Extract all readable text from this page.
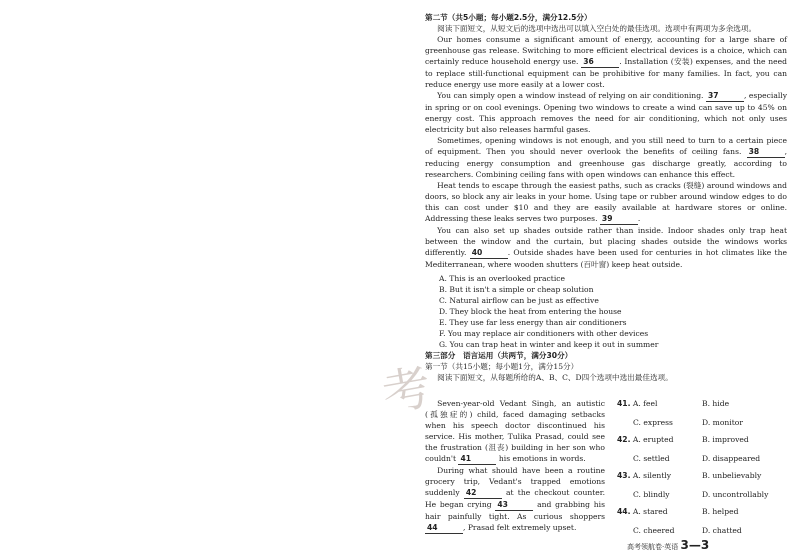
考
第二节（共5小题；每小题2.5分，满分12.5分）

阅读下面短文，从短文后的选项中选出可以填入空白处的最佳选项。选项中有两项为多余选项。

Our homes consume a significant amount of energy, accounting for a large share of greenhouse gas release. Switching to more efficient electrical devices is a choice, which can certainly reduce household energy use. 36	. Installation (安装) expenses, and the need to replace still-functional equipment can be prohibitive for many families. In fact, you can reduce energy use more easily at a lower cost.

You can simply open a window instead of relying on air conditioning. 37	, especially in spring or on cool evenings. Opening two windows to create a wind can save up to 45% on energy cost. This approach removes the need for air conditioning, which not only uses electricity but also releases harmful gases.

Sometimes, opening windows is not enough, and you still need to turn to a certain piece of equipment. Then you should never overlook the benefits of ceiling fans. 38	, reducing energy consumption and greenhouse gas discharge greatly, according to researchers. Combining ceiling fans with open windows can enhance this effect.

Heat tends to escape through the easiest paths, such as cracks (裂缝) around windows and doors, so block any air leaks in your home. Using tape or rubber around window edges to do this can cost under $10 and they are easily available at hardware stores or online. Addressing these leaks serves two purposes. 39	.

You can also set up shades outside rather than inside. Indoor shades only trap heat between the window and the curtain, but placing shades outside the windows works differently. 40	. Outside shades have been used for centuries in hot climates like the Mediterranean, where wooden shutters (百叶窗) keep heat outside.

A. This is an overlooked practice
B. But it isn't a simple or cheap solution
C. Natural airflow can be just as effective
D. They block the heat from entering the house
E. They use far less energy than air conditioners
F. You may replace air conditioners with other devices
G. You can trap heat in winter and keep it out in summer
第三部分　语言运用（共两节，满分30分）
第一节（共15小题；每小题1分，满分15分）

阅读下面短文，从每题所给的A、B、C、D四个选项中选出最佳选项。

Seven-year-old Vedant Singh, an autistic (孤独症的) child, faced damaging setbacks when his speech doctor discontinued his service. His mother, Tulika Prasad, could see the frustration (沮丧) building in her son who couldn't 41	his emotions in words.

During what should have been a routine grocery trip, Vedant's trapped emotions suddenly 42	at the checkout counter. He began crying 43	and grabbing his hair painfully tight. As curious shoppers 44	, Prasad felt extremely upset.

41. A. feel	B. hide
C. express	D. monitor
42. A. erupted	B. improved
C. settled	D. disappeared
43. A. silently	B. unbelievably
C. blindly	D. uncontrollably
44. A. stared	B. helped
C. cheered	D. chatted
高考领航卷·英语 3—3
